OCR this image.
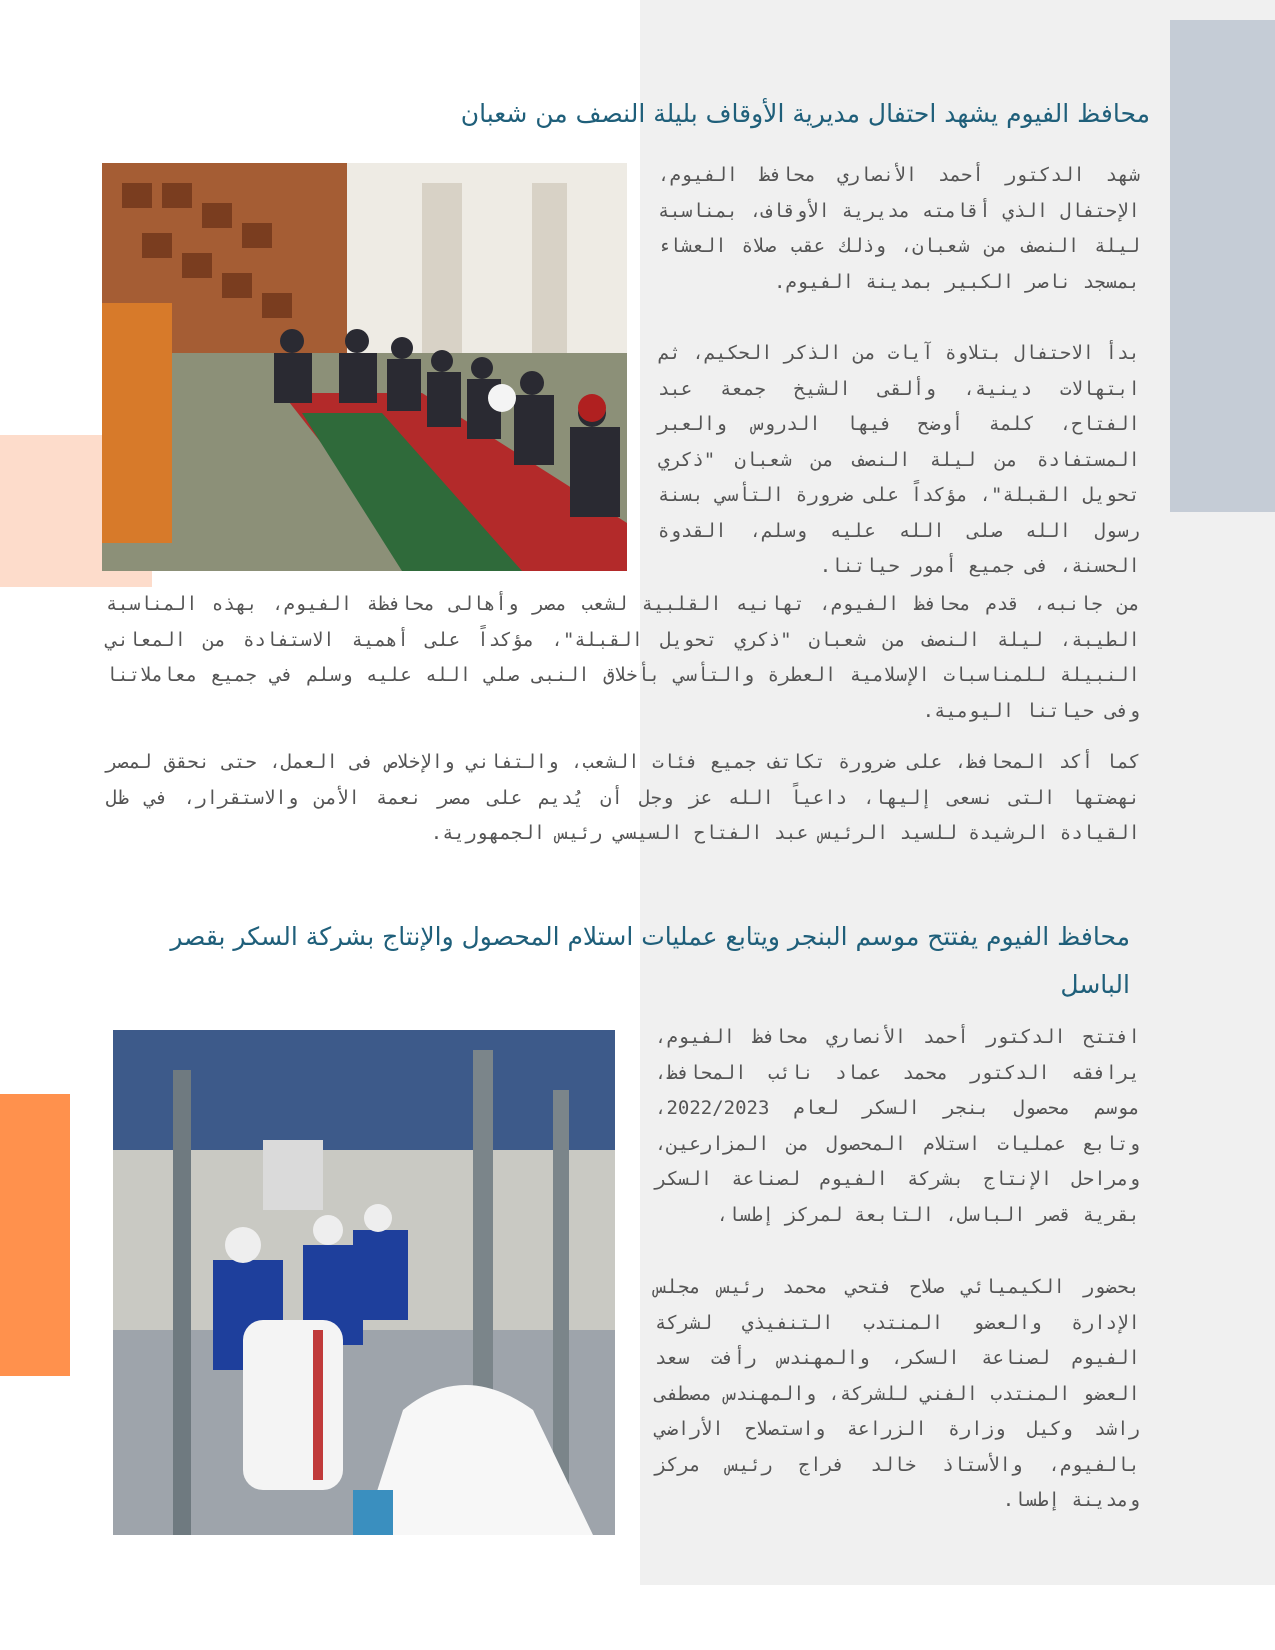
محافظ الفيوم يشهد احتفال مديرية الأوقاف بليلة النصف من شعبان

شهد الدكتور أحمد الأنصاري محافظ الفيوم، الإحتفال الذي أقامته مديرية الأوقاف، بمناسبة ليلة النصف من شعبان، وذلك عقب صلاة العشاء بمسجد ناصر الكبير بمدينة الفيوم.

بدأ الاحتفال بتلاوة آيات من الذكر الحكيم، ثم ابتهالات دينية، وألقى الشيخ جمعة عبد الفتاح، كلمة أوضح فيها الدروس والعبر المستفادة من ليلة النصف من شعبان "ذكري تحويل القبلة"، مؤكداً على ضرورة التأسي بسنة رسول الله صلى الله عليه وسلم، القدوة الحسنة، فى جميع أمور حياتنا.

من جانبه، قدم محافظ الفيوم، تهانيه القلبية لشعب مصر وأهالى محافظة الفيوم، بهذه المناسبة الطيبة، ليلة النصف من شعبان "ذكري تحويل القبلة"، مؤكداً على أهمية الاستفادة من المعاني النبيلة للمناسبات الإسلامية العطرة والتأسي بأخلاق النبى صلي الله عليه وسلم في جميع معاملاتنا وفى حياتنا اليومية.

كما أكد المحافظ، على ضرورة تكاتف جميع فئات الشعب، والتفاني والإخلاص فى العمل، حتى نحقق لمصر نهضتها التى نسعى إليها، داعياً الله عز وجل أن يُديم على مصر نعمة الأمن والاستقرار، في ظل القيادة الرشيدة للسيد الرئيس عبد الفتاح السيسي رئيس الجمهورية.

محافظ الفيوم يفتتح موسم البنجر ويتابع عمليات استلام المحصول والإنتاج بشركة السكر بقصر الباسل

افتتح الدكتور أحمد الأنصاري محافظ الفيوم، يرافقه الدكتور محمد عماد نائب المحافظ، موسم محصول بنجر السكر لعام 2022/2023، وتابع عمليات استلام المحصول من المزارعين، ومراحل الإنتاج بشركة الفيوم لصناعة السكر بقرية قصر الباسل، التابعة لمركز إطسا،

بحضور الكيميائي صلاح فتحي محمد رئيس مجلس الإدارة والعضو المنتدب التنفيذي لشركة الفيوم لصناعة السكر، والمهندس رأفت سعد العضو المنتدب الفني للشركة، والمهندس مصطفى راشد وكيل وزارة الزراعة واستصلاح الأراضي بالفيوم، والأستاذ خالد فراج رئيس مركز ومدينة إطسا.
